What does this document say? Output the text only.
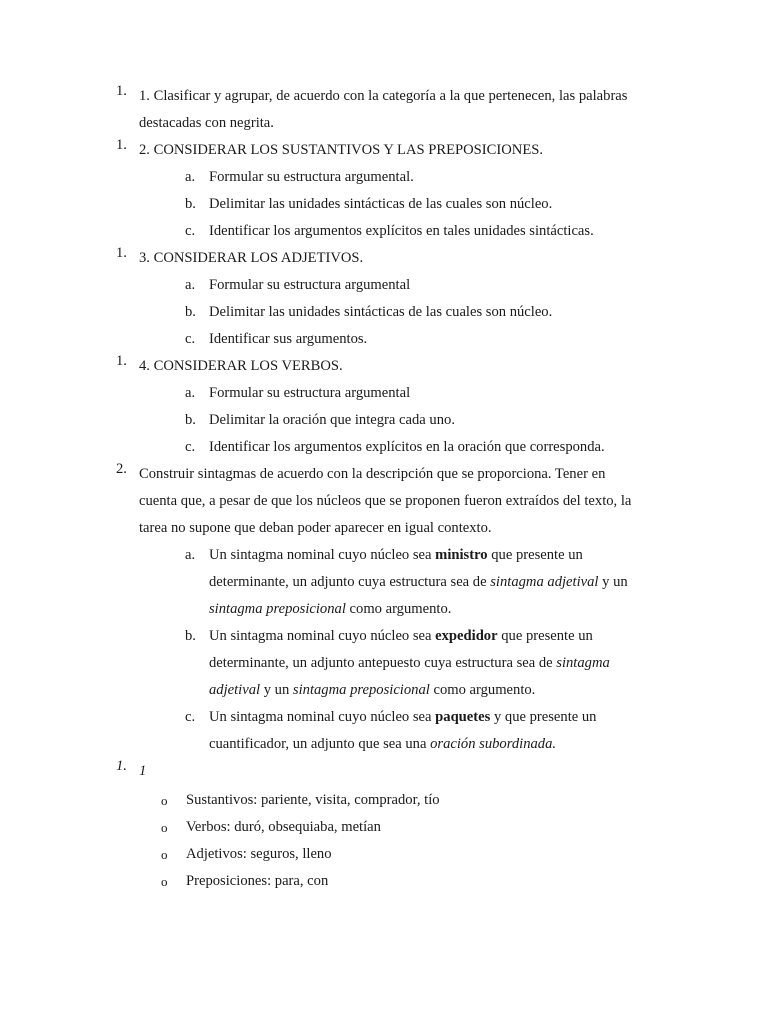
1. 1. Clasificar y agrupar, de acuerdo con la categoría a la que pertenecen, las palabras
destacadas con negrita.
1. 2. CONSIDERAR LOS SUSTANTIVOS Y LAS PREPOSICIONES.
a. Formular su estructura argumental.
b. Delimitar las unidades sintácticas de las cuales son núcleo.
c. Identificar los argumentos explícitos en tales unidades sintácticas.
1. 3. CONSIDERAR LOS ADJETIVOS.
a. Formular su estructura argumental
b. Delimitar las unidades sintácticas de las cuales son núcleo.
c. Identificar sus argumentos.
1. 4. CONSIDERAR LOS VERBOS.
a. Formular su estructura argumental
b. Delimitar la oración que integra cada uno.
c. Identificar los argumentos explícitos en la oración que corresponda.
2. Construir sintagmas de acuerdo con la descripción que se proporciona. Tener en
cuenta que, a pesar de que los núcleos que se proponen fueron extraídos del texto, la
tarea no supone que deban poder aparecer en igual contexto.
a. Un sintagma nominal cuyo núcleo sea ministro que presente un
determinante, un adjunto cuya estructura sea de sintagma adjetival y un
sintagma preposicional como argumento.
b. Un sintagma nominal cuyo núcleo sea expedidor que presente un
determinante, un adjunto antepuesto cuya estructura sea de sintagma
adjetival y un sintagma preposicional como argumento.
c. Un sintagma nominal cuyo núcleo sea paquetes y que presente un
cuantificador, un adjunto que sea una oración subordinada.
1. 1
o Sustantivos: pariente, visita, comprador, tío
o Verbos: duró, obsequiaba, metían
o Adjetivos: seguros, lleno
o Preposiciones: para, con
